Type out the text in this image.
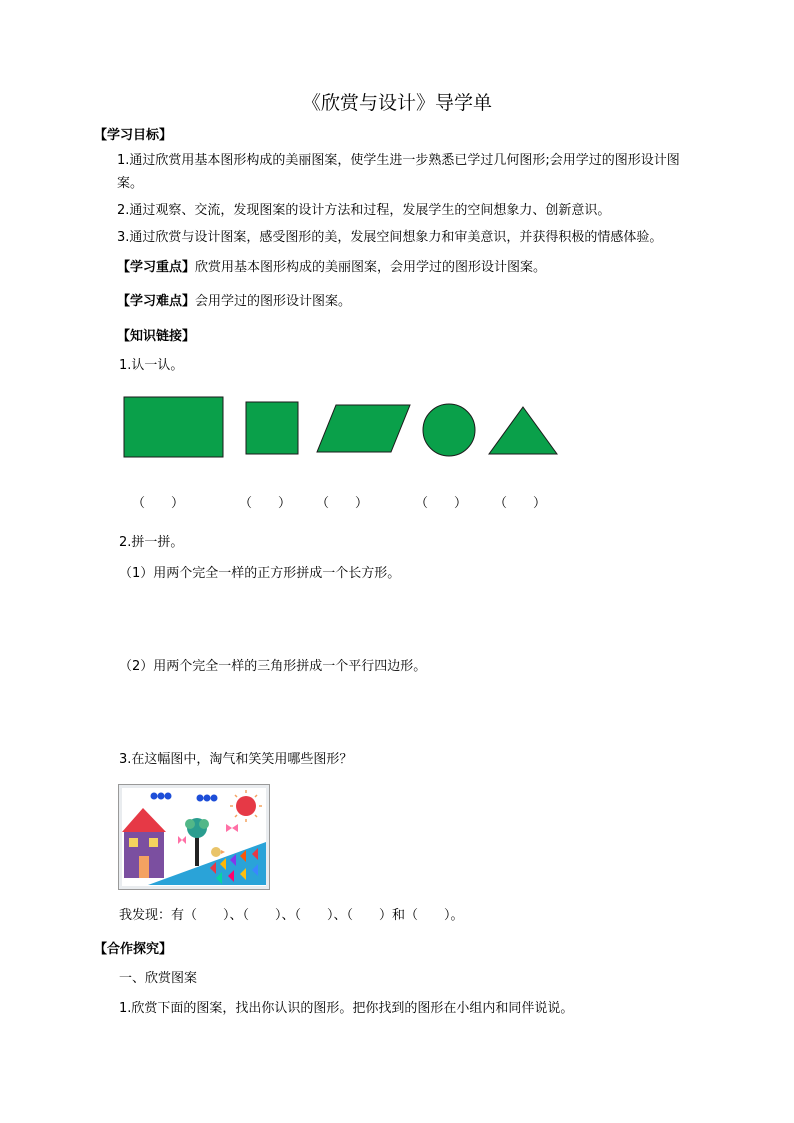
《欣赏与设计》导学单
【学习目标】
1.通过欣赏用基本图形构成的美丽图案，使学生进一步熟悉已学过几何图形;会用学过的图形设计图
案。
2.通过观察、交流，发现图案的设计方法和过程，发展学生的空间想象力、创新意识。
3.通过欣赏与设计图案，感受图形的美，发展空间想象力和审美意识，并获得积极的情感体验。
【学习重点】欣赏用基本图形构成的美丽图案，会用学过的图形设计图案。
【学习难点】会用学过的图形设计图案。
【知识链接】
1.认一认。
（　　）	（　　） （　　）	（　　） （　　）
2.拼一拼。
（1）用两个完全一样的正方形拼成一个长方形。
（2）用两个完全一样的三角形拼成一个平行四边形。
3.在这幅图中，淘气和笑笑用哪些图形？
我发现：有（　　）、（　　）、（　　）、（　　）和（　　）。
【合作探究】
一、欣赏图案
1.欣赏下面的图案，找出你认识的图形。把你找到的图形在小组内和同伴说说。
